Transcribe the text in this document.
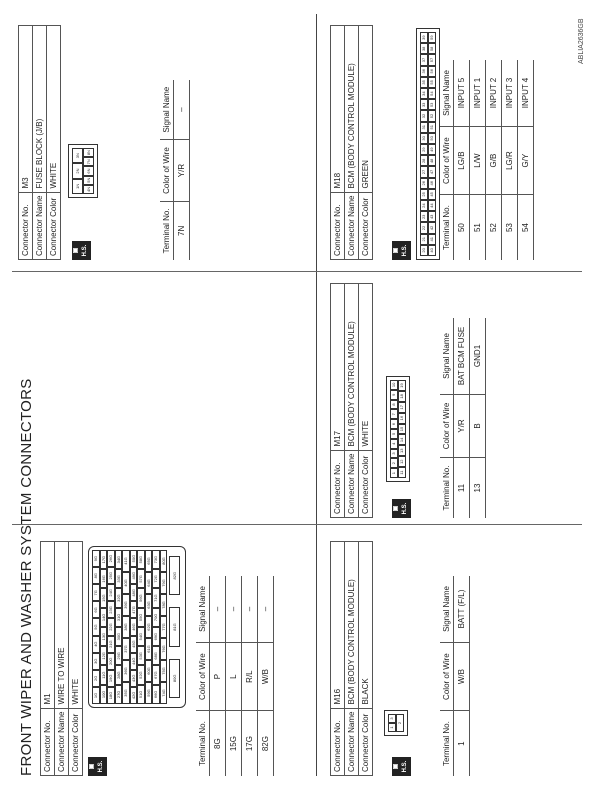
FRONT WIPER AND WASHER SYSTEM CONNECTORS Connector No.	M1
Connector Name	WIRE TO WIRE
Connector Color	WHITE
▣ H.S.
1G
2G
3G
4G
5G
6G
7G
8G
9G
10G
11G
12G
13G
14G
15G
16G
17G
18G
19G
20G
21G
22G
23G
24G
25G
26G
27G
28G
29G
30G
31G
32G
33G
34G
35G
36G
37G
38G
39G
40G
41G
42G
43G
44G
45G
46G
47G
48G
49G
50G
51G
52G
53G
54G
55G
56G
57G
58G
59G
60G
61G
62G
63G
64G
65G
66G
67G
68G
69G
70G
71G
72G
73G
74G
75G
76G
77G
78G
79G
80G
80G
81G
82G
Terminal No.	Color of Wire	Signal Name
8G	P	–
15G	L	–
17G	R/L	–
82G	W/B	–
Connector No.	M3
Connector Name	FUSE BLOCK (J/B)
Connector Color	WHITE
▣ H.S.
1N
2N
3N
4N
5N
6N
7N
8N
Terminal No.	Color of Wire	Signal Name
7N	Y/R	–
Connector No.	M16
Connector Name	BCM (BODY CONTROL MODULE)
Connector Color	BLACK
▣ H.S.
1
3
2	Terminal No.	Color of Wire	Signal Name
1	W/B	BATT (F/L)
Connector No.	M17
Connector Name	BCM (BODY CONTROL MODULE)
Connector Color	WHITE
▣ H.S.
1
2
3
4
5
6
7
8
9
10
11
12
13
14
15
16
17
18
19
Terminal No.	Color of Wire	Signal Name
11	Y/R	BAT BCM FUSE
13	B	GND1
Connector No.	M18
Connector Name	BCM (BODY CONTROL MODULE)
Connector Color	GREEN
▣ H.S.	20
21
22
23
24
25
26
27
28
29
30
31
32
33
34
35
36
37
38
39
40
41
42
43
44
45
46
47
48
49
50
51
52
53
54
55
56
57
58
59
Terminal No.	Color of Wire	Signal Name
50	LG/B	INPUT 5
51	L/W	INPUT 1
52	G/B	INPUT 2
53	LG/R	INPUT 3
54	G/Y	INPUT 4
ABLIA2636GB
